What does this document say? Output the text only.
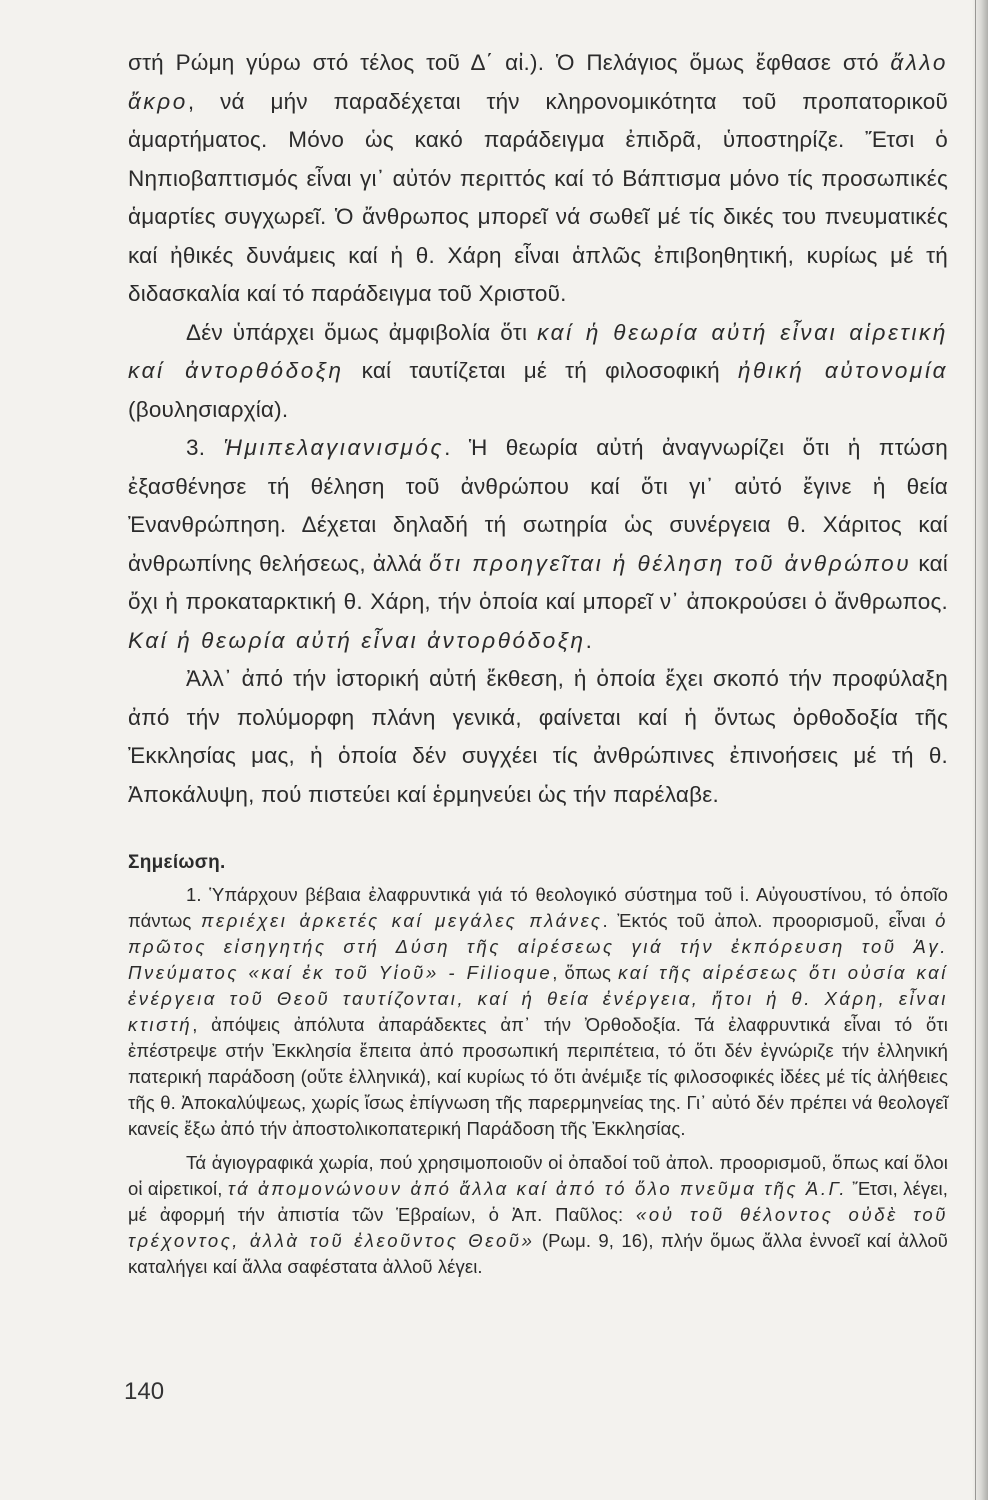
στή Ρώμη γύρω στό τέλος τοῦ Δ΄ αἰ.). Ὁ Πελάγιος ὅμως ἔφθασε στό ἄλλο ἄκρο, νά μήν παραδέχεται τήν κληρονομικότητα τοῦ προπατορικοῦ ἁμαρτήματος. Μόνο ὡς κακό παράδειγμα ἐπιδρᾶ, ὑποστηρίζε. Ἔτσι ὁ Νηπιοβαπτισμός εἶναι γι᾽ αὐτόν περιττός καί τό Βάπτισμα μόνο τίς προσωπικές ἁμαρτίες συγχωρεῖ. Ὁ ἄνθρωπος μπορεῖ νά σωθεῖ μέ τίς δικές του πνευματικές καί ἠθικές δυνάμεις καί ἡ θ. Χάρη εἶναι ἁπλῶς ἐπιβοηθητική, κυρίως μέ τή διδασκαλία καί τό παράδειγμα τοῦ Χριστοῦ.

Δέν ὑπάρχει ὅμως ἀμφιβολία ὅτι καί ἡ θεωρία αὐτή εἶναι αἱρετική καί ἀντορθόδοξη καί ταυτίζεται μέ τή φιλοσοφική ἠθική αὐτονομία (βουλησιαρχία).

3. Ἡμιπελαγιανισμός. Ἡ θεωρία αὐτή ἀναγνωρίζει ὅτι ἡ πτώση ἐξασθένησε τή θέληση τοῦ ἀνθρώπου καί ὅτι γι᾽ αὐτό ἔγινε ἡ θεία Ἐνανθρώπηση. Δέχεται δηλαδή τή σωτηρία ὡς συνέργεια θ. Χάριτος καί ἀνθρωπίνης θελήσεως, ἀλλά ὅτι προηγεῖται ἡ θέληση τοῦ ἀνθρώπου καί ὄχι ἡ προκαταρκτική θ. Χάρη, τήν ὁποία καί μπορεῖ ν᾽ ἀποκρούσει ὁ ἄνθρωπος. Καί ἡ θεωρία αὐτή εἶναι ἀντορθόδοξη.

Ἀλλ᾽ ἀπό τήν ἱστορική αὐτή ἔκθεση, ἡ ὁποία ἔχει σκοπό τήν προφύλαξη ἀπό τήν πολύμορφη πλάνη γενικά, φαίνεται καί ἡ ὄντως ὀρθοδοξία τῆς Ἐκκλησίας μας, ἡ ὁποία δέν συγχέει τίς ἀνθρώπινες ἐπινοήσεις μέ τή θ. Ἀποκάλυψη, πού πιστεύει καί ἑρμηνεύει ὡς τήν παρέλαβε.

Σημείωση.

1. Ὑπάρχουν βέβαια ἐλαφρυντικά γιά τό θεολογικό σύστημα τοῦ ἱ. Αὐγουστίνου, τό ὁποῖο πάντως περιέχει ἀρκετές καί μεγάλες πλάνες. Ἐκτός τοῦ ἀπολ. προορισμοῦ, εἶναι ὁ πρῶτος εἰσηγητής στή Δύση τῆς αἱρέσεως γιά τήν ἐκπόρευση τοῦ Ἁγ. Πνεύματος «καί ἐκ τοῦ Υἱοῦ» - Filioque, ὅπως καί τῆς αἱρέσεως ὅτι οὐσία καί ἐνέργεια τοῦ Θεοῦ ταυτίζονται, καί ἡ θεία ἐνέργεια, ἤτοι ἡ θ. Χάρη, εἶναι κτιστή, ἀπόψεις ἀπόλυτα ἀπαράδεκτες ἀπ᾽ τήν Ὀρθοδοξία. Τά ἐλαφρυντικά εἶναι τό ὅτι ἐπέστρεψε στήν Ἐκκλησία ἔπειτα ἀπό προσωπική περιπέτεια, τό ὅτι δέν ἐγνώριζε τήν ἑλληνική πατερική παράδοση (οὔτε ἑλληνικά), καί κυρίως τό ὅτι ἀνέμιξε τίς φιλοσοφικές ἰδέες μέ τίς ἀλήθειες τῆς θ. Ἀποκαλύψεως, χωρίς ἴσως ἐπίγνωση τῆς παρερμηνείας της. Γι᾽ αὐτό δέν πρέπει νά θεολογεῖ κανείς ἔξω ἀπό τήν ἀποστολικοπατερική Παράδοση τῆς Ἐκκλησίας.

Τά ἁγιογραφικά χωρία, πού χρησιμοποιοῦν οἱ ὀπαδοί τοῦ ἀπολ. προορισμοῦ, ὅπως καί ὅλοι οἱ αἱρετικοί, τά ἀπομονώνουν ἀπό ἄλλα καί ἀπό τό ὅλο πνεῦμα τῆς Ἁ.Γ. Ἔτσι, λέγει, μέ ἀφορμή τήν ἀπιστία τῶν Ἑβραίων, ὁ Ἀπ. Παῦλος: «οὐ τοῦ θέλοντος οὐδὲ τοῦ τρέχοντος, ἀλλὰ τοῦ ἐλεοῦντος Θεοῦ» (Ρωμ. 9, 16), πλήν ὅμως ἄλλα ἐννοεῖ καί ἀλλοῦ καταλήγει καί ἄλλα σαφέστατα ἀλλοῦ λέγει.

140
